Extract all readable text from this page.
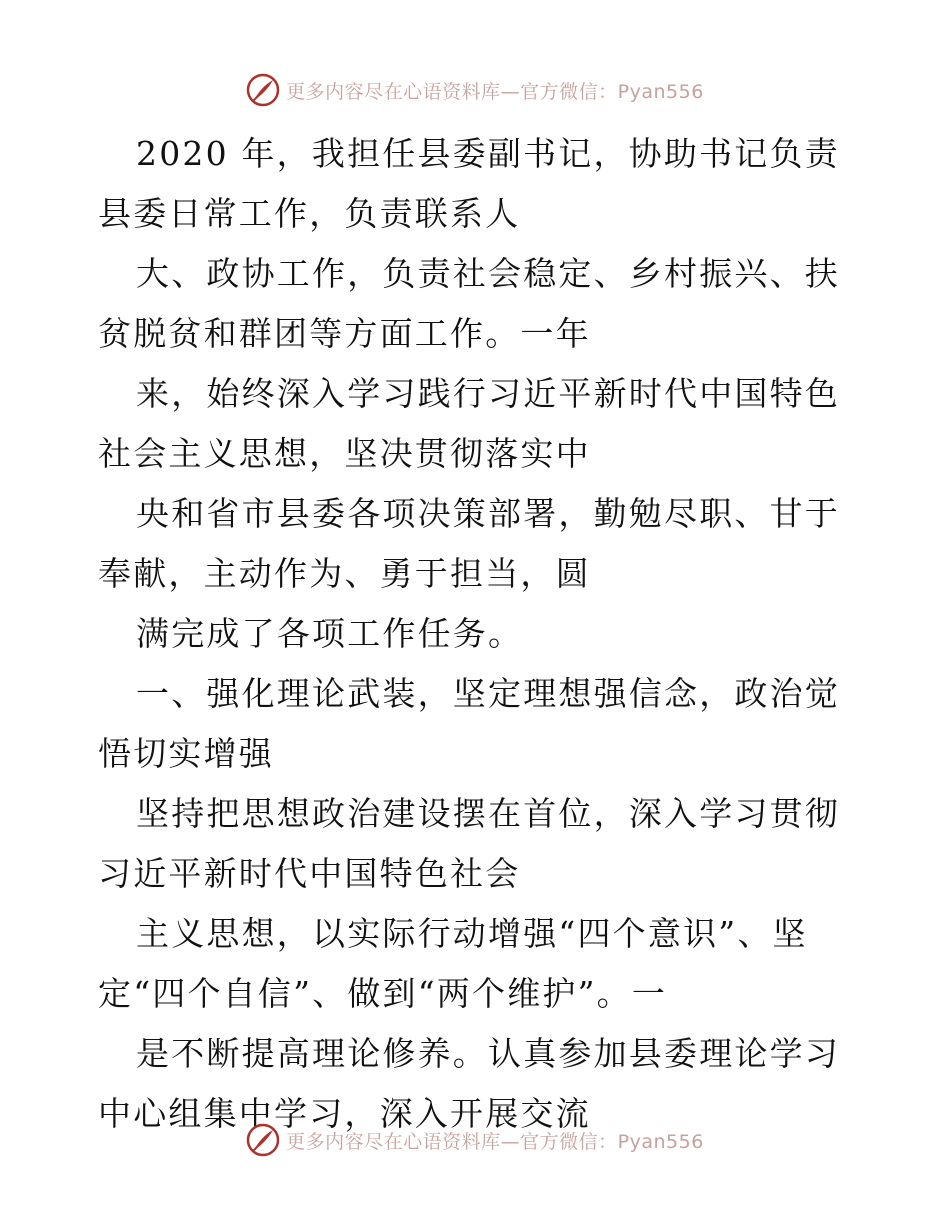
更多内容尽在心语资料库—官方微信：Pyan556

2020 年，我担任县委副书记，协助书记负责县委日常工作，负责联系人

大、政协工作，负责社会稳定、乡村振兴、扶贫脱贫和群团等方面工作。一年

来，始终深入学习践行习近平新时代中国特色社会主义思想，坚决贯彻落实中

央和省市县委各项决策部署，勤勉尽职、甘于奉献，主动作为、勇于担当，圆

满完成了各项工作任务。

一、强化理论武装，坚定理想强信念，政治觉悟切实增强

坚持把思想政治建设摆在首位，深入学习贯彻习近平新时代中国特色社会

主义思想，以实际行动增强“四个意识”、坚定“四个自信”、做到“两个维护”。一

是不断提高理论修养。认真参加县委理论学习中心组集中学习，深入开展交流

更多内容尽在心语资料库—官方微信：Pyan556
